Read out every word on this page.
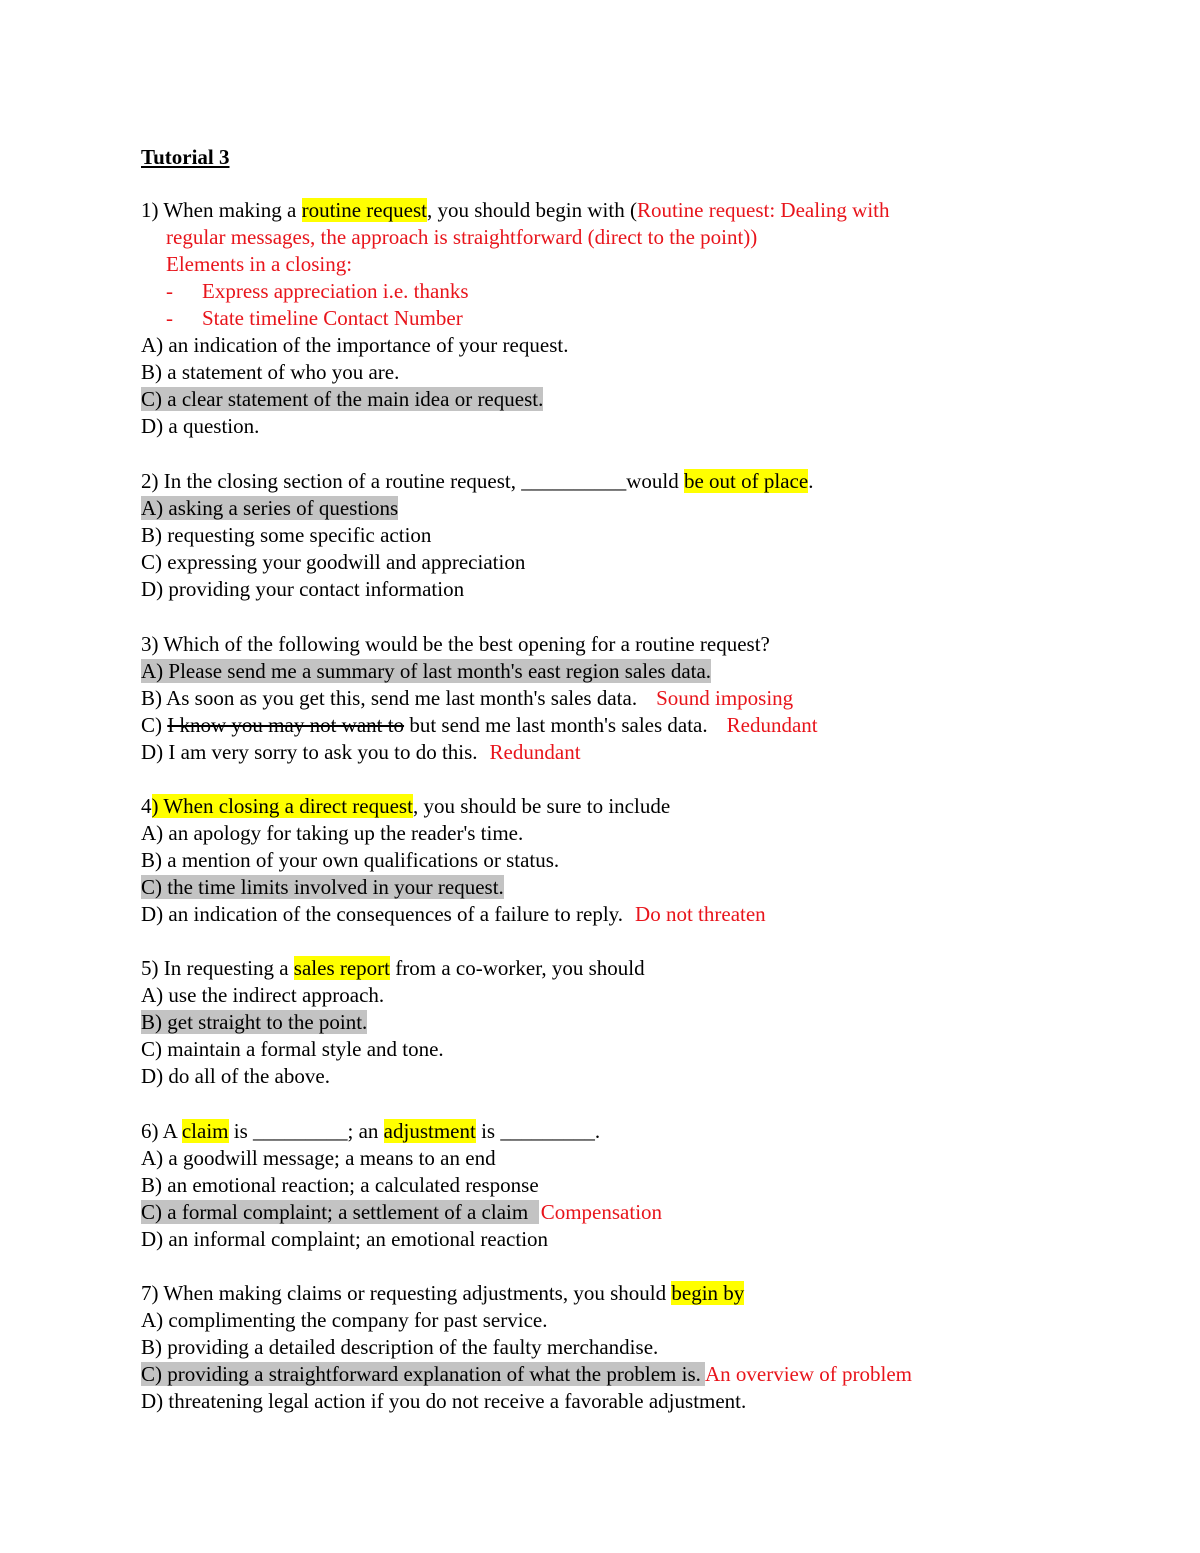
Tutorial 3
1) When making a routine request, you should begin with (Routine request: Dealing with
regular messages, the approach is straightforward (direct to the point))
Elements in a closing:
- Express appreciation i.e. thanks
- State timeline Contact Number
A) an indication of the importance of your request.
B) a statement of who you are.
C) a clear statement of the main idea or request.
D) a question.
2) In the closing section of a routine request, __________would be out of place.
A) asking a series of questions
B) requesting some specific action
C) expressing your goodwill and appreciation
D) providing your contact information
3) Which of the following would be the best opening for a routine request?
A) Please send me a summary of last month's east region sales data.
B) As soon as you get this, send me last month's sales data. Sound imposing
C) I know you may not want to but send me last month's sales data. Redundant
D) I am very sorry to ask you to do this. Redundant
4) When closing a direct request, you should be sure to include
A) an apology for taking up the reader's time.
B) a mention of your own qualifications or status.
C) the time limits involved in your request.
D) an indication of the consequences of a failure to reply. Do not threaten
5) In requesting a sales report from a co-worker, you should
A) use the indirect approach.
B) get straight to the point.
C) maintain a formal style and tone.
D) do all of the above.
6) A claim is _________; an adjustment is _________.
A) a goodwill message; a means to an end
B) an emotional reaction; a calculated response
C) a formal complaint; a settlement of a claim  Compensation
D) an informal complaint; an emotional reaction
7) When making claims or requesting adjustments, you should begin by
A) complimenting the company for past service.
B) providing a detailed description of the faulty merchandise.
C) providing a straightforward explanation of what the problem is. An overview of problem
D) threatening legal action if you do not receive a favorable adjustment.
